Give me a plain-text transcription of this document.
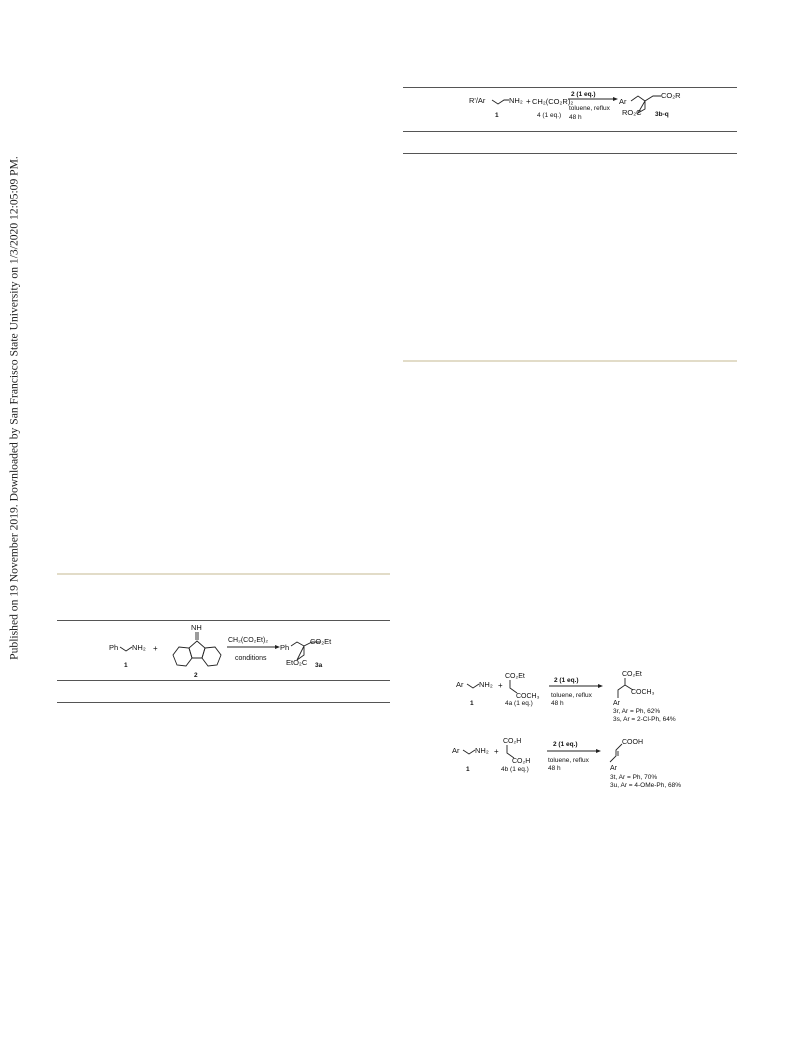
Published on 19 November 2019. Downloaded by San Francisco State University on 1/3/2020 12:05:09 PM.
R'/Ar	NH₂
1
+ CH₂(CO₂R)₂
4 (1 eq.)
2 (1 eq.)
toluene, reflux
48 h
Ar
CO₂R
RO₂C 3b-q
Ph NH₂
1
+
NH
2
CH₂(CO₂Et)₂
conditions
Ph
CO₂Et
EtO₂C 3a
Ar NH₂
1
+
CO₂Et
COCH₃
4a (1 eq.)
2 (1 eq.)
toluene, reflux
48 h
CO₂Et
COCH₃
Ar
3r, Ar = Ph, 62%
3s, Ar = 2-Cl-Ph, 64%
Ar NH₂
1
+
CO₂H
CO₂H
4b (1 eq.)
2 (1 eq.)
toluene, reflux
48 h
COOH
Ar
3t, Ar = Ph, 70%
3u, Ar = 4-OMe-Ph, 68%
